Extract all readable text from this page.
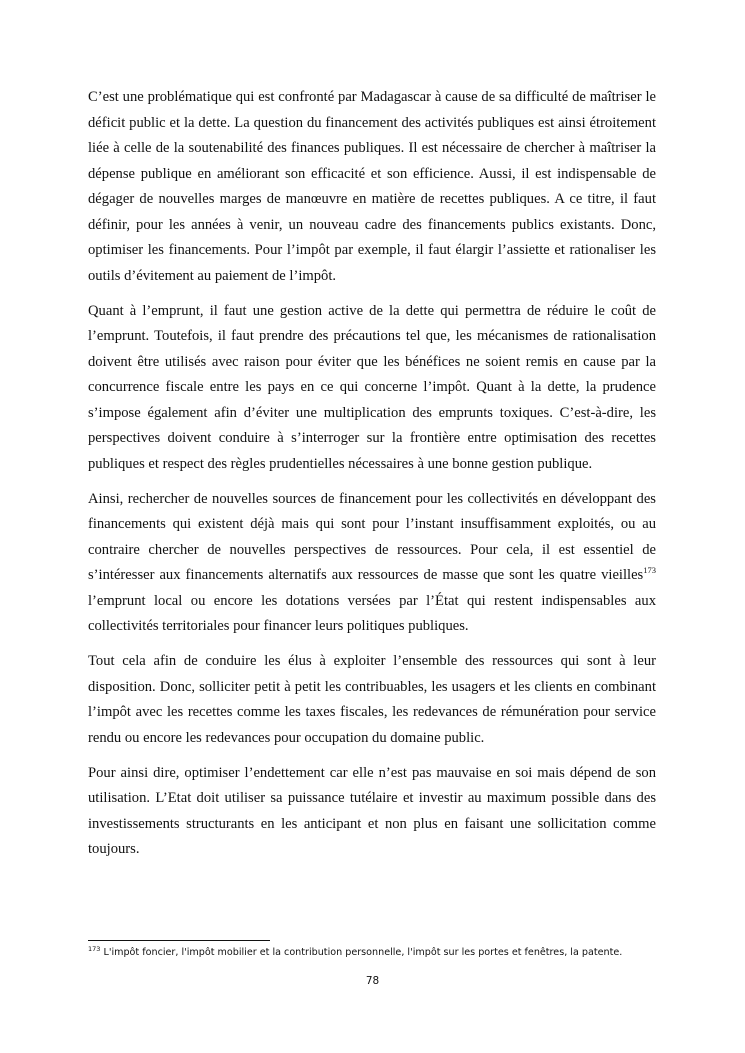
C’est une problématique qui est confronté par Madagascar à cause de sa difficulté de maîtriser le déficit public et la dette. La question du financement des activités publiques est ainsi étroitement liée à celle de la soutenabilité des finances publiques. Il est nécessaire de chercher à maîtriser la dépense publique en améliorant son efficacité et son efficience. Aussi, il est indispensable de dégager de nouvelles marges de manœuvre en matière de recettes publiques. A ce titre, il faut définir, pour les années à venir, un nouveau cadre des financements publics existants. Donc, optimiser les financements. Pour l’impôt par exemple, il faut élargir l’assiette et rationaliser les outils d’évitement au paiement de l’impôt.

Quant à l’emprunt, il faut une gestion active de la dette qui permettra de réduire le coût de l’emprunt. Toutefois, il faut prendre des précautions tel que, les mécanismes de rationalisation doivent être utilisés avec raison pour éviter que les bénéfices ne soient remis en cause par la concurrence fiscale entre les pays en ce qui concerne l’impôt. Quant à la dette, la prudence s’impose également afin d’éviter une multiplication des emprunts toxiques. C’est-à-dire, les perspectives doivent conduire à s’interroger sur la frontière entre optimisation des recettes publiques et respect des règles prudentielles nécessaires à une bonne gestion publique.

Ainsi, rechercher de nouvelles sources de financement pour les collectivités en développant des financements qui existent déjà mais qui sont pour l’instant insuffisamment exploités, ou au contraire chercher de nouvelles perspectives de ressources. Pour cela, il est essentiel de s’intéresser aux financements alternatifs aux ressources de masse que sont les quatre vieilles$^{173}$ l’emprunt local ou encore les dotations versées par l’État qui restent indispensables aux collectivités territoriales pour financer leurs politiques publiques.

Tout cela afin de conduire les élus à exploiter l’ensemble des ressources qui sont à leur disposition. Donc, solliciter petit à petit les contribuables, les usagers et les clients en combinant l’impôt avec les recettes comme les taxes fiscales, les redevances de rémunération pour service rendu ou encore les redevances pour occupation du domaine public.

Pour ainsi dire, optimiser l’endettement car elle n’est pas mauvaise en soi mais dépend de son utilisation. L’Etat doit utiliser sa puissance tutélaire et investir au maximum possible dans des investissements structurants en les anticipant et non plus en faisant une sollicitation comme toujours.

$^{173}$ L'impôt foncier, l'impôt mobilier et la contribution personnelle, l'impôt sur les portes et fenêtres, la patente.
78
